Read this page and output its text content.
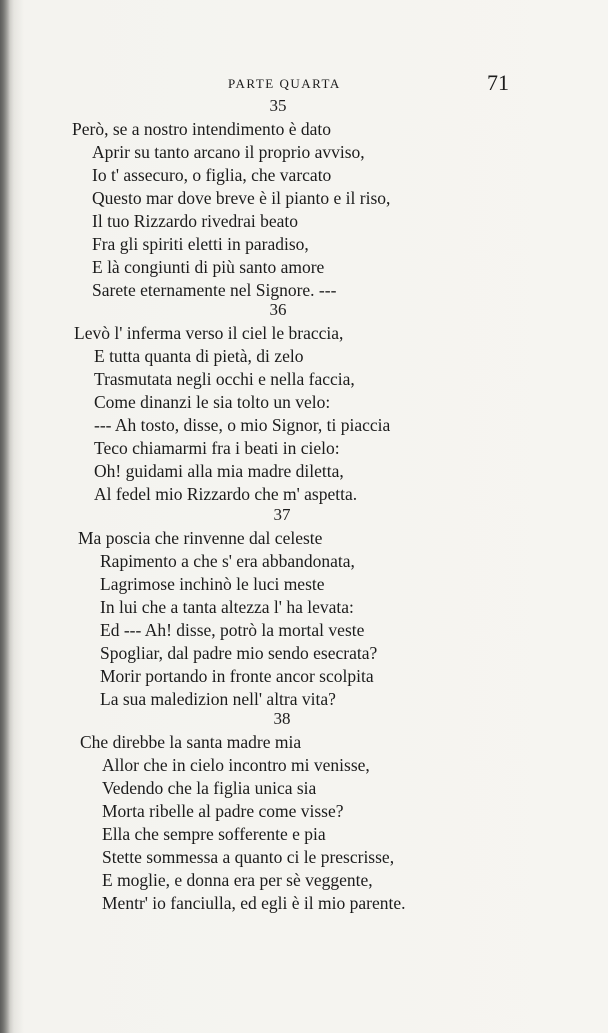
PARTE QUARTA	71
35
Però, se a nostro intendimento è dato
Aprir su tanto arcano il proprio avviso,
Io t' assecuro, o figlia, che varcato
Questo mar dove breve è il pianto e il riso,
Il tuo Rizzardo rivedrai beato
Fra gli spiriti eletti in paradiso,
E là congiunti di più santo amore
Sarete eternamente nel Signore. ---
36
Levò l' inferma verso il ciel le braccia,
E tutta quanta di pietà, di zelo
Trasmutata negli occhi e nella faccia,
Come dinanzi le sia tolto un velo:
--- Ah tosto, disse, o mio Signor, ti piaccia
Teco chiamarmi fra i beati in cielo:
Oh! guidami alla mia madre diletta,
Al fedel mio Rizzardo che m' aspetta.
37
Ma poscia che rinvenne dal celeste
Rapimento a che s' era abbandonata,
Lagrimose inchinò le luci meste
In lui che a tanta altezza l' ha levata:
Ed --- Ah! disse, potrò la mortal veste
Spogliar, dal padre mio sendo esecrata?
Morir portando in fronte ancor scolpita
La sua maledizion nell' altra vita?
38
Che direbbe la santa madre mia
Allor che in cielo incontro mi venisse,
Vedendo che la figlia unica sia
Morta ribelle al padre come visse?
Ella che sempre sofferente e pia
Stette sommessa a quanto ci le prescrisse,
E moglie, e donna era per sè veggente,
Mentr' io fanciulla, ed egli è il mio parente.
